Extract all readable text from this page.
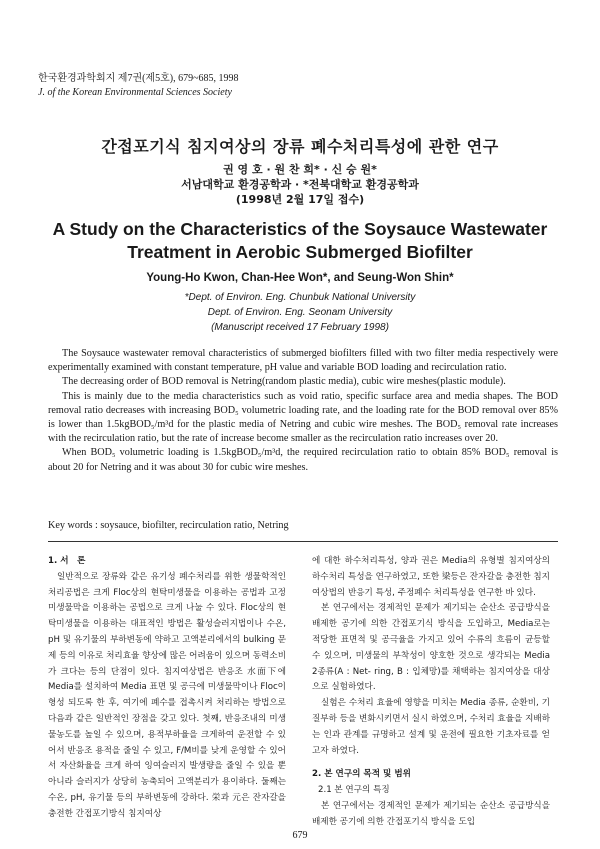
한국환경과학회지 제7권(제5호), 679~685, 1998
J. of the Korean Environmental Sciences Society
간접포기식 침지여상의 장류 폐수처리특성에 관한 연구
권 영 호 · 원 찬 희* · 신 승 원*
서남대학교 환경공학과 · *전북대학교 환경공학과
(1998년 2월 17일 접수)
A Study on the Characteristics of the Soysauce Wastewater
Treatment in Aerobic Submerged Biofilter
Young-Ho Kwon, Chan-Hee Won*, and Seung-Won Shin*
*Dept. of Environ. Eng. Chunbuk National University
Dept. of Environ. Eng. Seonam University
(Manuscript received 17 February 1998)

The Soysauce wastewater removal characteristics of submerged biofilters filled with two filter media respectively were experimentally examined with constant temperature, pH value and variable BOD loading and recirculation ratio.

The decreasing order of BOD removal is Netring(random plastic media), cubic wire meshes(plastic module).

This is mainly due to the media characteristics such as void ratio, specific surface area and media shapes. The BOD removal ratio decreases with increasing BOD₅ volumetric loading rate, and the loading rate for the BOD removal over 85% is lower than 1.5kgBOD₅/m³d for the plastic media of Netring and cubic wire meshes. The BOD₅ removal rate increases with the recirculation ratio, but the rate of increase become smaller as the recirculation ratio increases over 20.

When BOD₅ volumetric loading is 1.5kgBOD₅/m³d, the required recirculation ratio to obtain 85% BOD₅ removal is about 20 for Netring and it was about 30 for cubic wire meshes.

Key words : soysauce, biofilter, recirculation ratio, Netring

1. 서　론

일반적으로 장류와 같은 유기성 폐수처리를 위한 생물학적인 처리공법은 크게 Floc상의 현탁미생물을 이용하는 공법과 고정 미생물막을 이용하는 공법으로 크게 나눌 수 있다. Floc상의 현탁미생물을 이용하는 대표적인 방법은 활성슬러지법이나 수온, pH 및 유기물의 부하변동에 약하고 고액분리에서의 bulking 문제 등의 이유로 처리효율 향상에 많은 어려움이 있으며 동력소비가 크다는 등의 단점이 있다. 침지여상법은 반응조 水面下에 Media를 설치하여 Media 표면 및 공극에 미생물막이나 Floc이 형성 되도록 한 후, 여기에 폐수를 접촉시켜 처리하는 방법으로 다음과 같은 일반적인 장점을 갖고 있다. 첫째, 반응조내의 미생물농도를 높일 수 있으며, 용적부하율을 크게하여 운전할 수 있어서 반응조 용적을 줄일 수 있고, F/M비를 낮게 운영할 수 있어서 자산화율을 크게 하여 잉여슬러지 발생량을 줄일 수 있을 뿐 아니라 슬러지가 상당히 농축되어 고액분리가 용이하다. 둘째는 수온, pH, 유기물 등의 부하변동에 강하다. 栄과 元은 잔자갈을 충전한 간접포기방식 침지여상

에 대한 하수처리특성, 양과 권은 Media의 유형별 침지여상의 하수처리 특성을 연구하였고, 또한 梁등은 잔자갈을 충전한 침지여상법의 반응기 특성, 주정폐수 처리특성을 연구한 바 있다.

본 연구에서는 경제적인 문제가 제기되는 순산소 공급방식을 배제한 공기에 의한 간접포기식 방식을 도입하고, Media로는 적당한 표면적 및 공극율을 가지고 있어 수류의 흐름이 균등할 수 있으며, 미생물의 부착성이 양호한 것으로 생각되는 Media 2종류(A : Net- ring, B : 입체망)를 채택하는 침지여상을 대상으로 실험하였다.

실험은 수처리 효율에 영향을 미치는 Media 종류, 순환비, 기질부하 등을 변화시키면서 실시 하였으며, 수처리 효율을 지배하는 인과 관계를 규명하고 설계 및 운전에 필요한 기초자료를 얻고자 하였다.

2. 본 연구의 목적 및 범위

2.1 본 연구의 특징

본 연구에서는 경제적인 문제가 제기되는 순산소 공급방식을 배제한 공기에 의한 간접포기식 방식을 도입

679
